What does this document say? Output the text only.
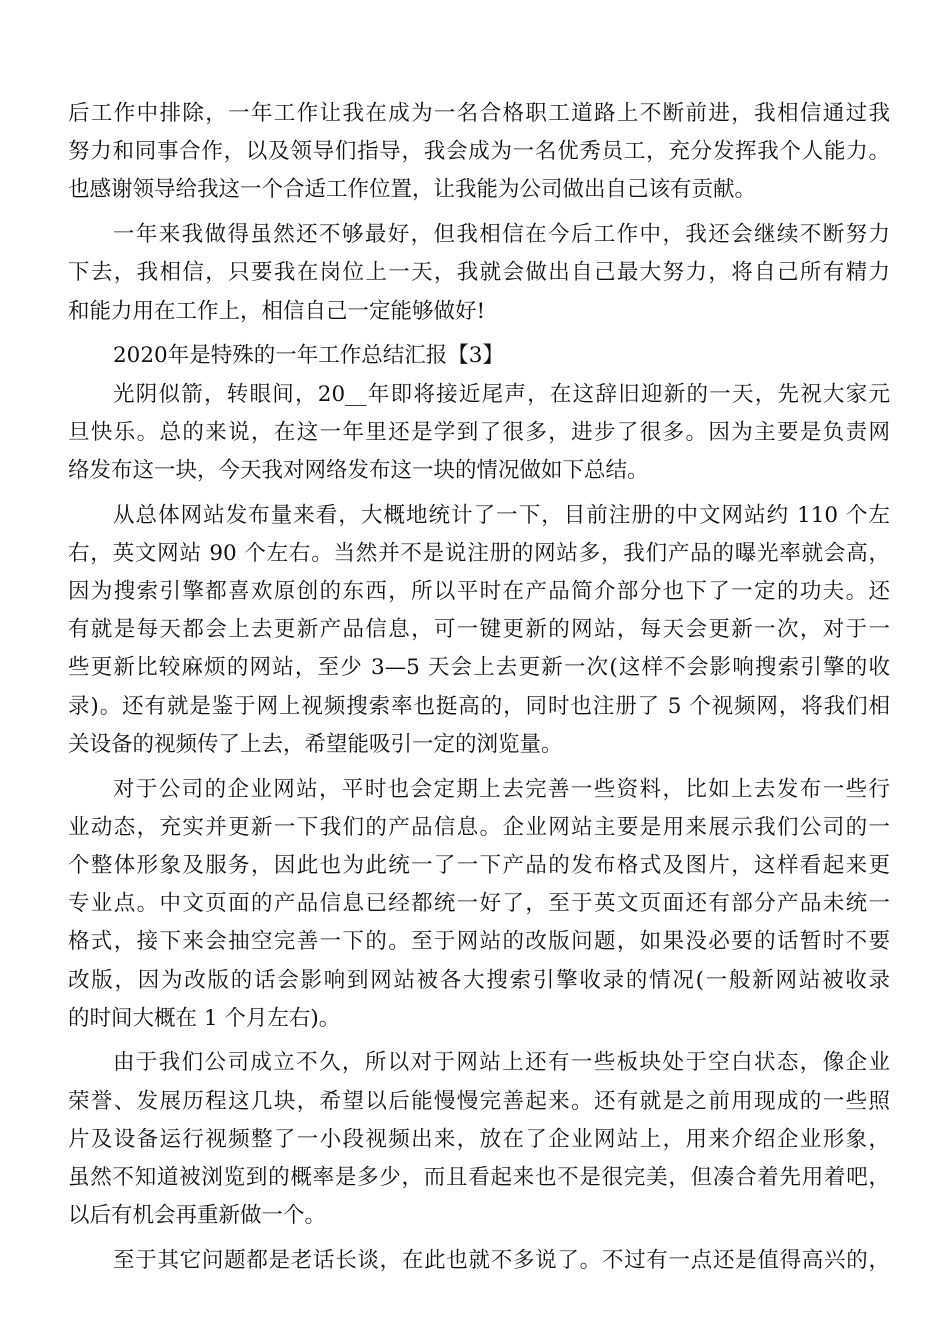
后工作中排除，一年工作让我在成为一名合格职工道路上不断前进，我相信通过我
努力和同事合作，以及领导们指导，我会成为一名优秀员工，充分发挥我个人能力。
也感谢领导给我这一个合适工作位置，让我能为公司做出自己该有贡献。
一年来我做得虽然还不够最好，但我相信在今后工作中，我还会继续不断努力
下去，我相信，只要我在岗位上一天，我就会做出自己最大努力，将自己所有精力
和能力用在工作上，相信自己一定能够做好!
2020年是特殊的一年工作总结汇报【3】
光阴似箭，转眼间，20__年即将接近尾声，在这辞旧迎新的一天，先祝大家元
旦快乐。总的来说，在这一年里还是学到了很多，进步了很多。因为主要是负责网
络发布这一块，今天我对网络发布这一块的情况做如下总结。
从总体网站发布量来看，大概地统计了一下，目前注册的中文网站约 110 个左
右，英文网站 90 个左右。当然并不是说注册的网站多，我们产品的曝光率就会高，
因为搜索引擎都喜欢原创的东西，所以平时在产品简介部分也下了一定的功夫。还
有就是每天都会上去更新产品信息，可一键更新的网站，每天会更新一次，对于一
些更新比较麻烦的网站，至少 3—5 天会上去更新一次(这样不会影响搜索引擎的收
录)。还有就是鉴于网上视频搜索率也挺高的，同时也注册了 5 个视频网，将我们相
关设备的视频传了上去，希望能吸引一定的浏览量。
对于公司的企业网站，平时也会定期上去完善一些资料，比如上去发布一些行
业动态，充实并更新一下我们的产品信息。企业网站主要是用来展示我们公司的一
个整体形象及服务，因此也为此统一了一下产品的发布格式及图片，这样看起来更
专业点。中文页面的产品信息已经都统一好了，至于英文页面还有部分产品未统一
格式，接下来会抽空完善一下的。至于网站的改版问题，如果没必要的话暂时不要
改版，因为改版的话会影响到网站被各大搜索引擎收录的情况(一般新网站被收录
的时间大概在 1 个月左右)。
由于我们公司成立不久，所以对于网站上还有一些板块处于空白状态，像企业
荣誉、发展历程这几块，希望以后能慢慢完善起来。还有就是之前用现成的一些照
片及设备运行视频整了一小段视频出来，放在了企业网站上，用来介绍企业形象，
虽然不知道被浏览到的概率是多少，而且看起来也不是很完美，但凑合着先用着吧，
以后有机会再重新做一个。
至于其它问题都是老话长谈，在此也就不多说了。不过有一点还是值得高兴的，
